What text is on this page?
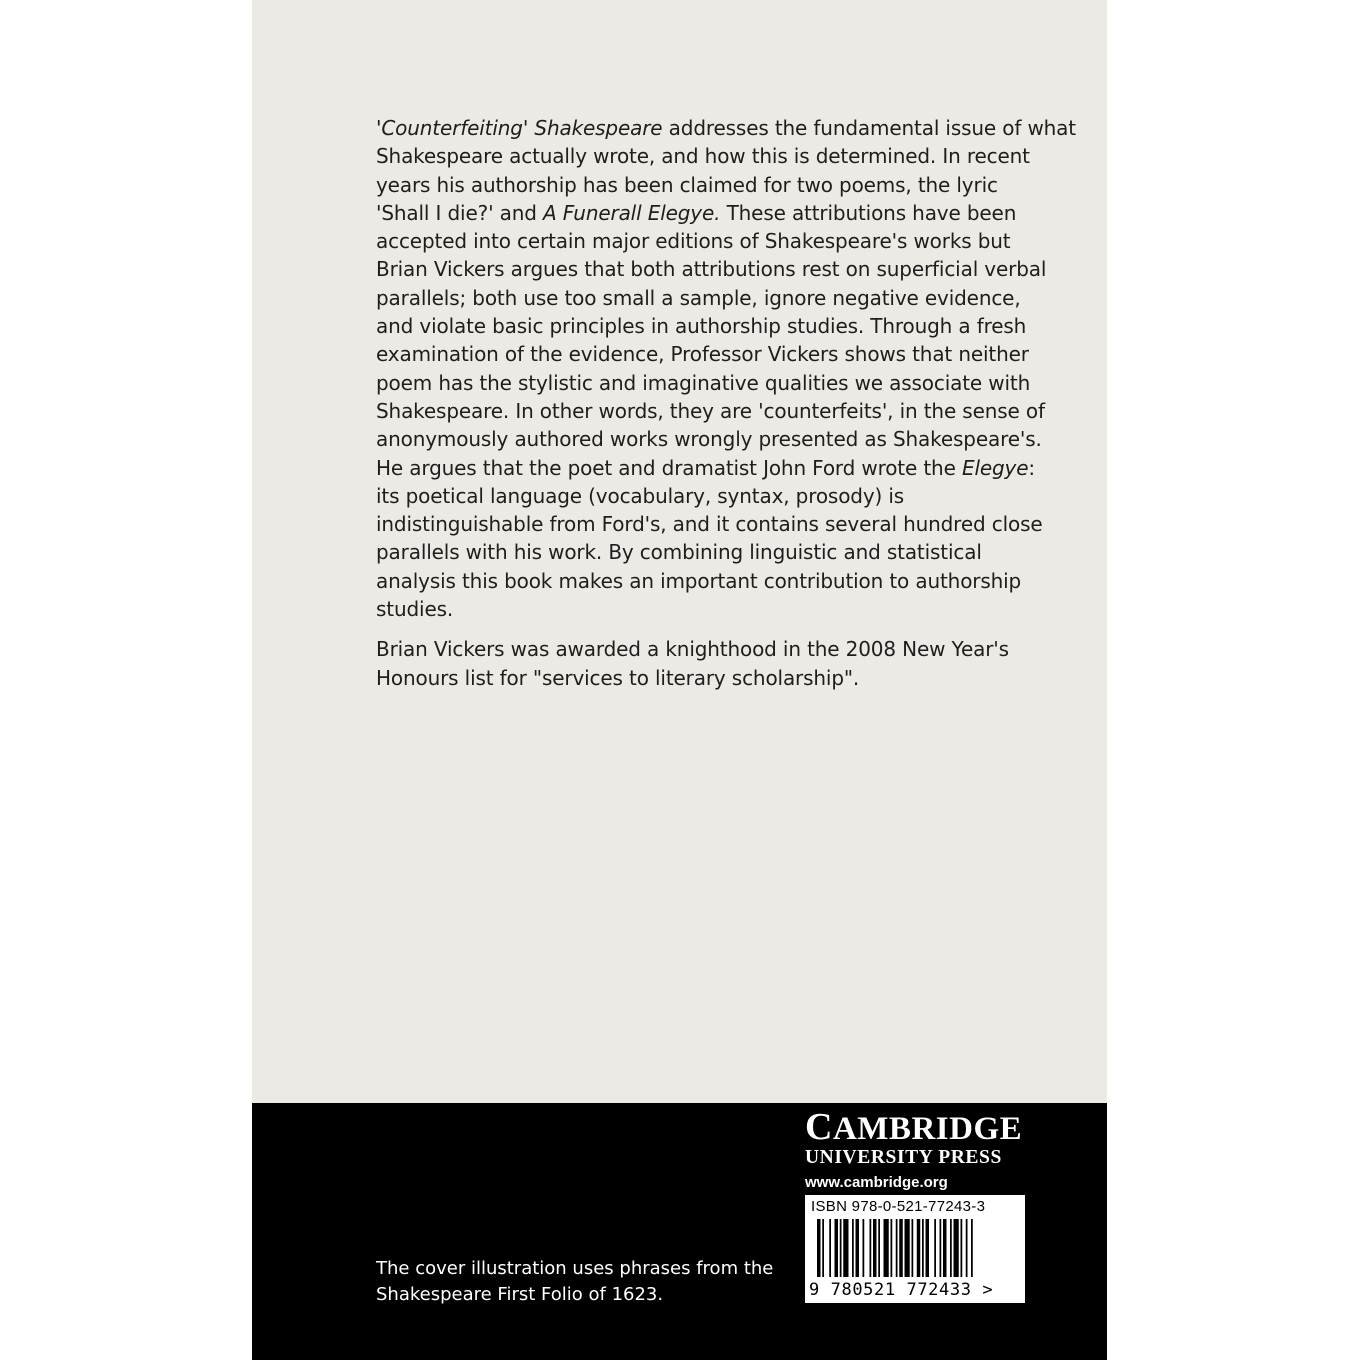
'Counterfeiting' Shakespeare addresses the fundamental issue of what
Shakespeare actually wrote, and how this is determined. In recent
years his authorship has been claimed for two poems, the lyric
'Shall I die?' and A Funerall Elegye. These attributions have been
accepted into certain major editions of Shakespeare's works but
Brian Vickers argues that both attributions rest on superficial verbal
parallels; both use too small a sample, ignore negative evidence,
and violate basic principles in authorship studies. Through a fresh
examination of the evidence, Professor Vickers shows that neither
poem has the stylistic and imaginative qualities we associate with
Shakespeare. In other words, they are 'counterfeits', in the sense of
anonymously authored works wrongly presented as Shakespeare's.
He argues that the poet and dramatist John Ford wrote the Elegye:
its poetical language (vocabulary, syntax, prosody) is
indistinguishable from Ford's, and it contains several hundred close
parallels with his work. By combining linguistic and statistical
analysis this book makes an important contribution to authorship
studies.

Brian Vickers was awarded a knighthood in the 2008 New Year's
Honours list for "services to literary scholarship".

The cover illustration uses phrases from the
Shakespeare First Folio of 1623.
CAMBRIDGE
UNIVERSITY PRESS
www.cambridge.org
ISBN 978-0-521-77243-3
9 780521 772433 >
